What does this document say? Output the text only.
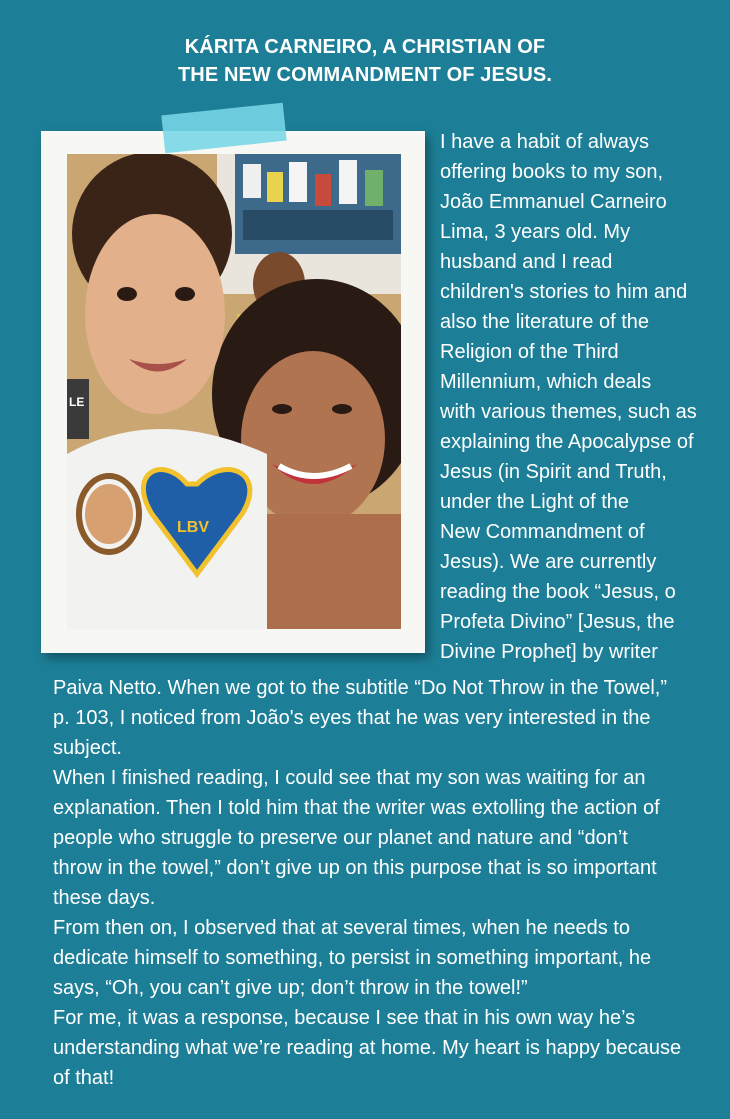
KÁRITA CARNEIRO, A CHRISTIAN OF
THE NEW COMMANDMENT OF JESUS.
LE
LBV
I have a habit of always
offering books to my son,
João Emmanuel Carneiro
Lima, 3 years old. My
husband and I read
children's stories to him and
also the literature of the
Religion of the Third
Millennium, which deals
with various themes, such as
explaining the Apocalypse of
Jesus (in Spirit and Truth,
under the Light of the
New Commandment of
Jesus). We are currently
reading the book “Jesus, o
Profeta Divino” [Jesus, the
Divine Prophet] by writer
Paiva Netto. When we got to the subtitle “Do Not Throw in the Towel,”
p. 103, I noticed from João's eyes that he was very interested in the
subject.
When I finished reading, I could see that my son was waiting for an
explanation. Then I told him that the writer was extolling the action of
people who struggle to preserve our planet and nature and “don’t
throw in the towel,” don’t give up on this purpose that is so important
these days.
From then on, I observed that at several times, when he needs to
dedicate himself to something, to persist in something important, he
says, “Oh, you can’t give up; don’t throw in the towel!”
For me, it was a response, because I see that in his own way he’s
understanding what we’re reading at home. My heart is happy because
of that!
